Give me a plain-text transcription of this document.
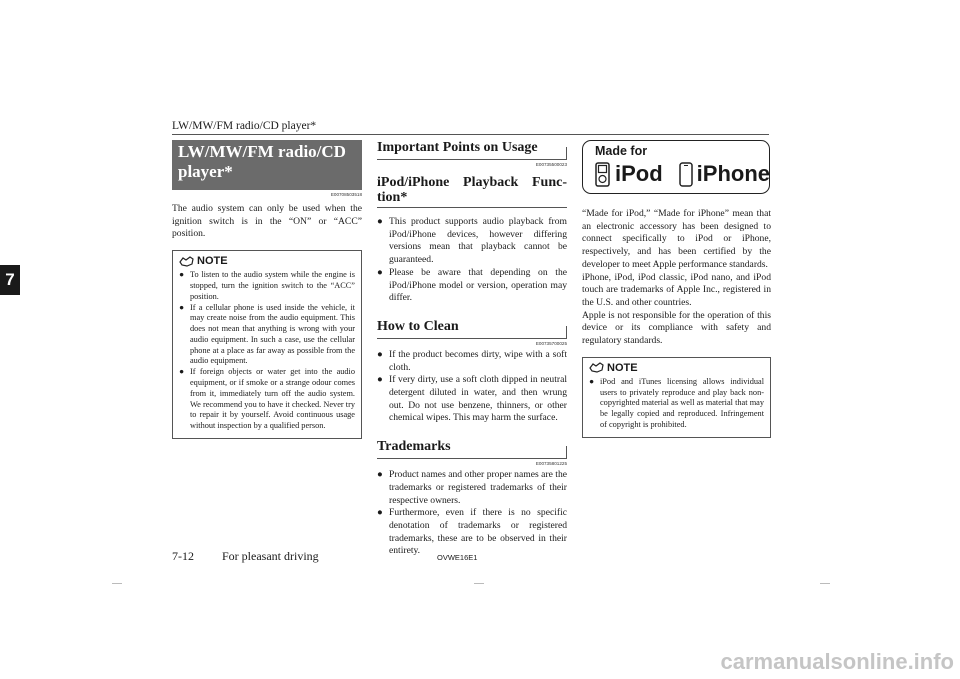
LW/MW/FM radio/CD player*
7
LW/MW/FM radio/CD player*
E00708503518

The audio system can only be used when the ignition switch is in the “ON” or “ACC” position.

NOTE
● To listen to the audio system while the engine is stopped, turn the ignition switch to the “ACC” position.
● If a cellular phone is used inside the vehicle, it may create noise from the audio equipment. This does not mean that anything is wrong with your audio equipment. In such a case, use the cellular phone at a place as far away as possible from the audio equipment.
● If foreign objects or water get into the audio equipment, or if smoke or a strange odour comes from it, immediately turn off the audio system. We recommend you to have it checked. Never try to repair it by yourself. Avoid continuous usage without inspection by a qualified person.
Important Points on Usage
E00735500023
iPod/iPhone Playback Func-
tion*
● This product supports audio playback from iPod/iPhone devices, however differing versions mean that playback cannot be guaranteed.
● Please be aware that depending on the iPod/iPhone model or version, operation may differ.
How to Clean
E00735700025
● If the product becomes dirty, wipe with a soft cloth.
● If very dirty, use a soft cloth dipped in neutral detergent diluted in water, and then wrung out. Do not use benzene, thinners, or other chemical wipes. This may harm the surface.
Trademarks
E00735801225
● Product names and other proper names are the trademarks or registered trademarks of their respective owners.
● Furthermore, even if there is no specific denotation of trademarks or registered trademarks, these are to be observed in their entirety.
Made for
iPod iPhone

“Made for iPod,” “Made for iPhone” mean that an electronic accessory has been designed to connect specifically to iPod or iPhone, respectively, and has been certified by the developer to meet Apple performance standards.

iPhone, iPod, iPod classic, iPod nano, and iPod touch are trademarks of Apple Inc., registered in the U.S. and other countries.

Apple is not responsible for the operation of this device or its compliance with safety and regulatory standards.

NOTE
● iPod and iTunes licensing allows individual users to privately reproduce and play back non- copyrighted material as well as material that may be legally copied and reproduced. Infringement of copyright is prohibited.
7-12 For pleasant driving	OVWE16E1
carmanualsonline.info
